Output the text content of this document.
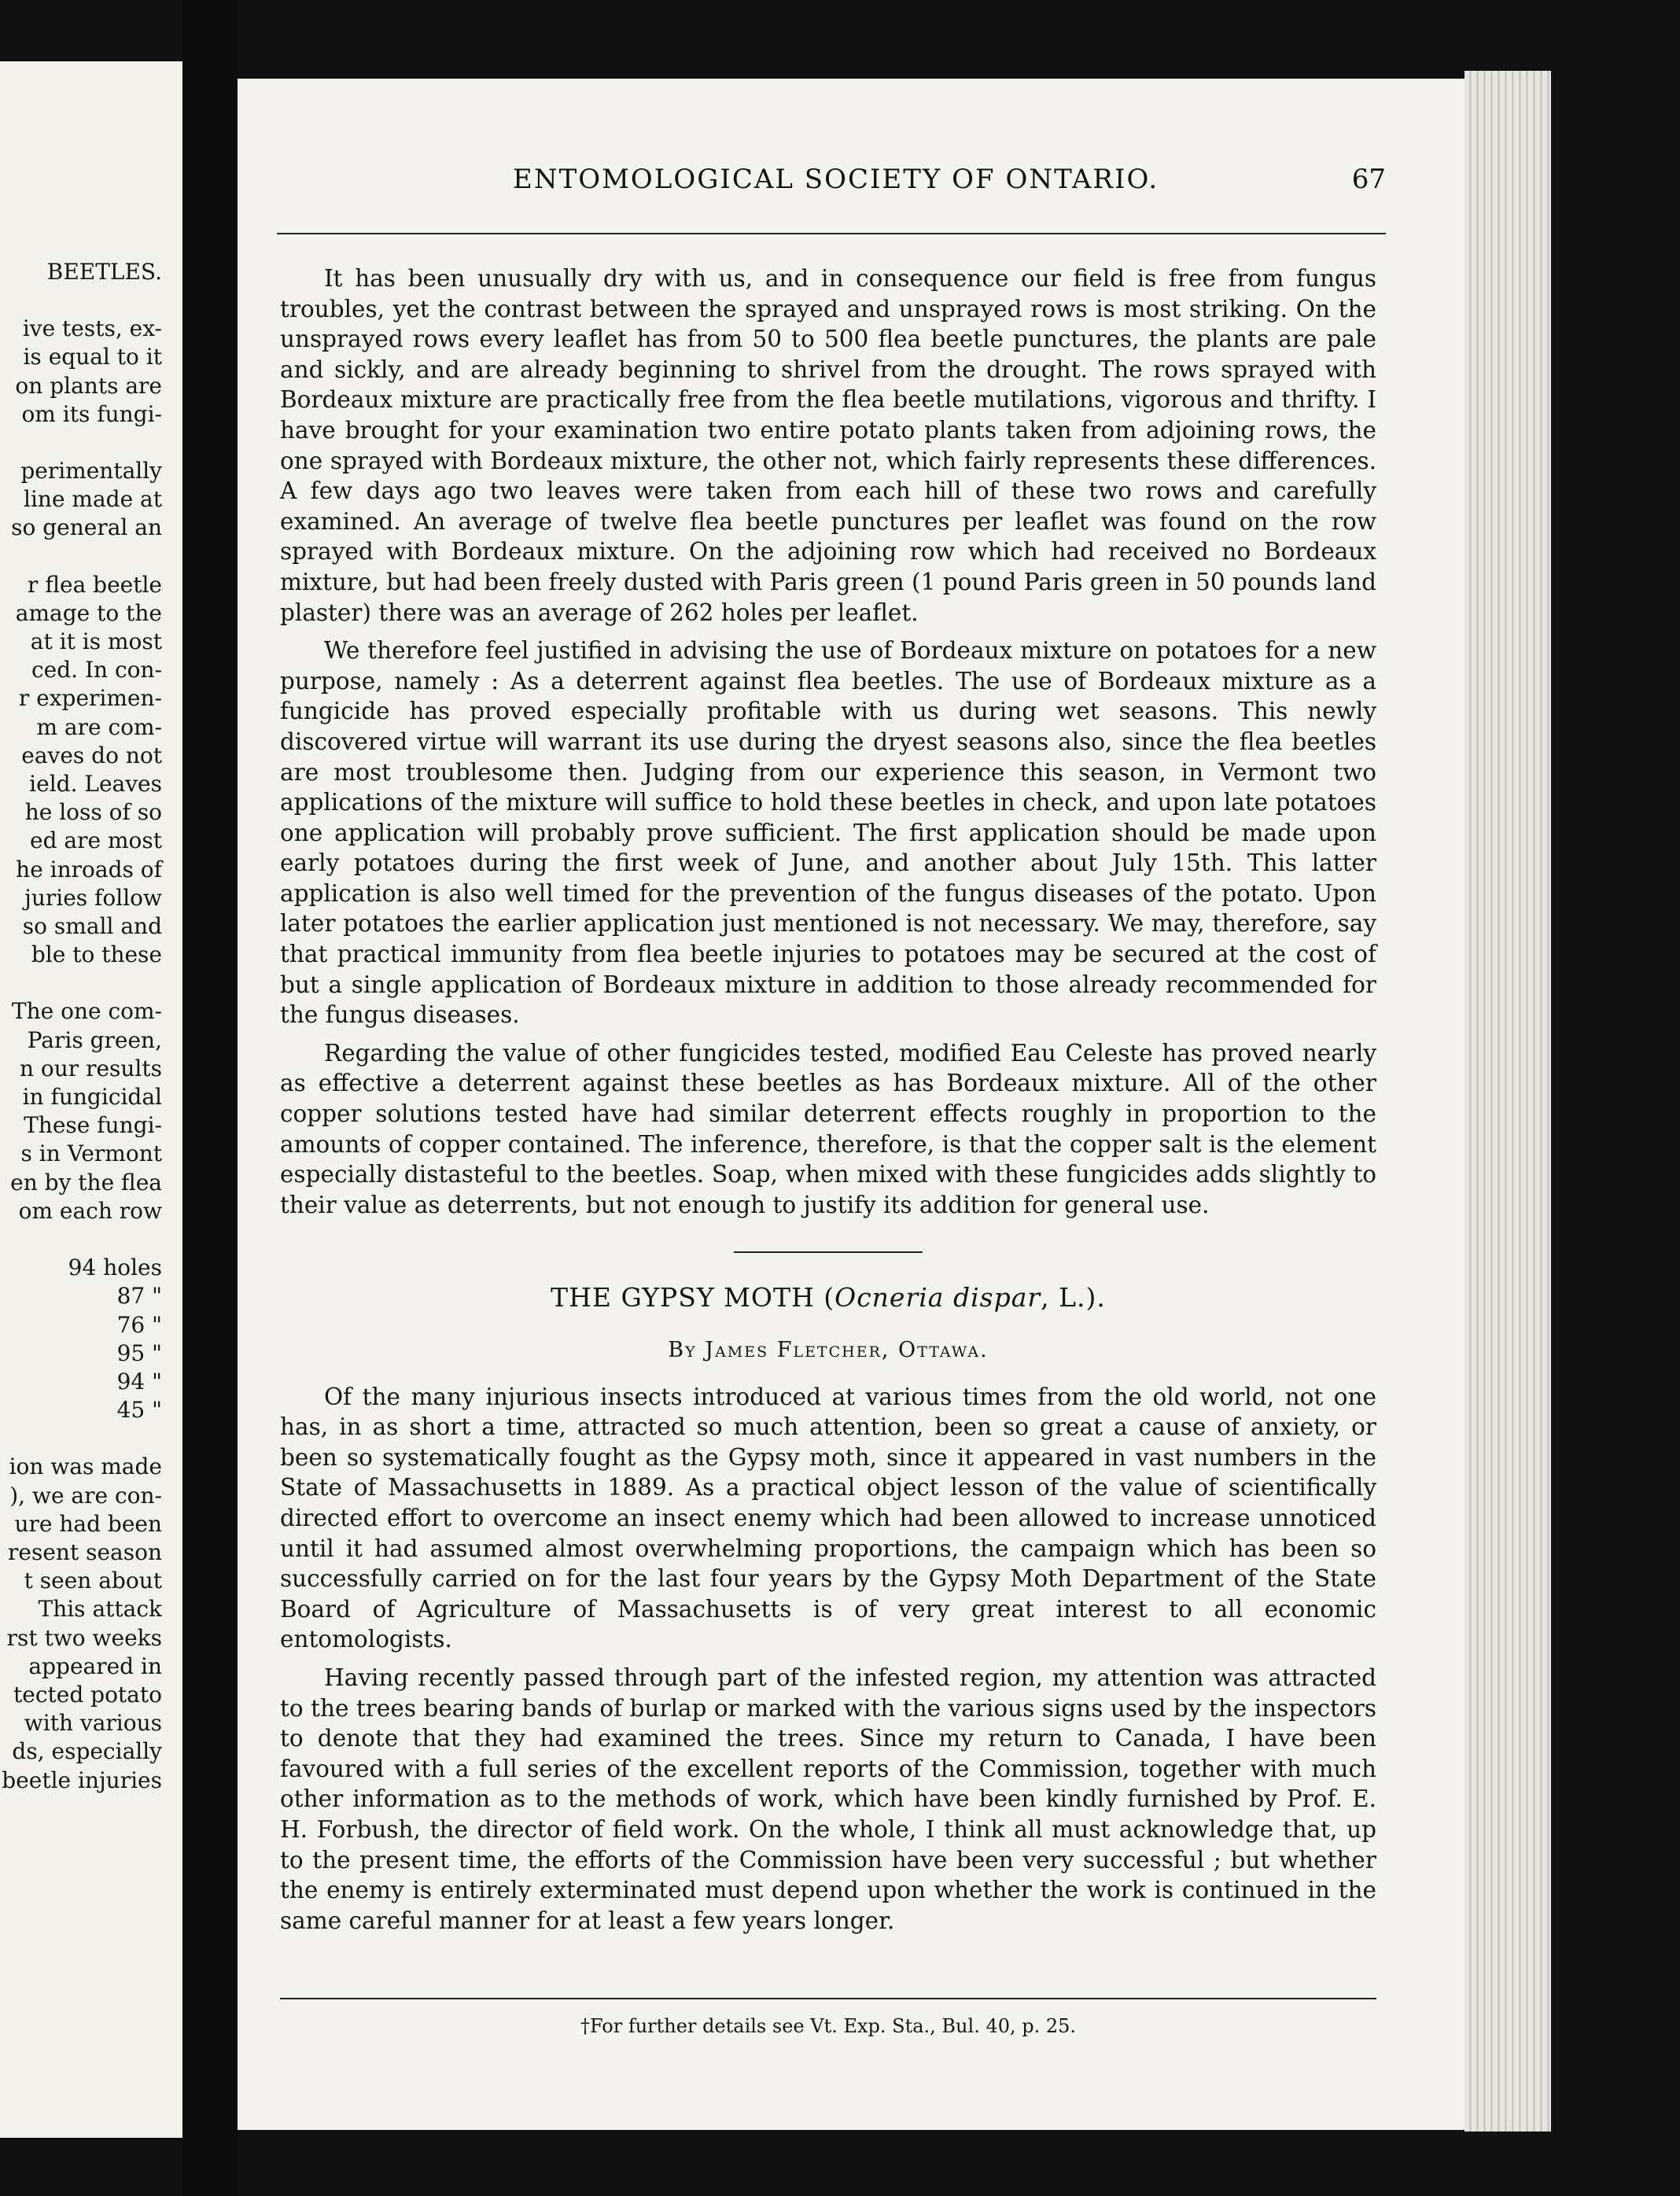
BEETLES.
ive tests, ex-
is equal to it
on plants are
om its fungi-
perimentally
line made at
so general an
r flea beetle
amage to the
at it is most
ced. In con-
r experimen-
m are com-
eaves do not
ield. Leaves
he loss of so
ed are most
he inroads of
juries follow
so small and
ble to these
The one com-
Paris green,
n our results
in fungicidal
These fungi-
s in Vermont
en by the flea
om each row
94 holes
87 "
76 "
95 "
94 "
45 "
ion was made
), we are con-
ure had been
resent season
t seen about
This attack
rst two weeks
appeared in
tected potato
with various
ds, especially
beetle injuries
ENTOMOLOGICAL SOCIETY OF ONTARIO.	67

It has been unusually dry with us, and in consequence our field is free from fungus troubles, yet the contrast between the sprayed and unsprayed rows is most striking. On the unsprayed rows every leaflet has from 50 to 500 flea beetle punctures, the plants are pale and sickly, and are already beginning to shrivel from the drought. The rows sprayed with Bordeaux mixture are practically free from the flea beetle mutilations, vigorous and thrifty. I have brought for your examination two entire potato plants taken from adjoining rows, the one sprayed with Bordeaux mixture, the other not, which fairly represents these differences. A few days ago two leaves were taken from each hill of these two rows and carefully examined. An average of twelve flea beetle punctures per leaflet was found on the row sprayed with Bordeaux mixture. On the adjoining row which had received no Bordeaux mixture, but had been freely dusted with Paris green (1 pound Paris green in 50 pounds land plaster) there was an average of 262 holes per leaflet.

We therefore feel justified in advising the use of Bordeaux mixture on potatoes for a new purpose, namely : As a deterrent against flea beetles. The use of Bordeaux mixture as a fungicide has proved especially profitable with us during wet seasons. This newly discovered virtue will warrant its use during the dryest seasons also, since the flea beetles are most troublesome then. Judging from our experience this season, in Vermont two applications of the mixture will suffice to hold these beetles in check, and upon late potatoes one application will probably prove sufficient. The first application should be made upon early potatoes during the first week of June, and another about July 15th. This latter application is also well timed for the prevention of the fungus diseases of the potato. Upon later potatoes the earlier application just mentioned is not necessary. We may, therefore, say that practical immunity from flea beetle injuries to potatoes may be secured at the cost of but a single application of Bordeaux mixture in addition to those already recommended for the fungus diseases.

Regarding the value of other fungicides tested, modified Eau Celeste has proved nearly as effective a deterrent against these beetles as has Bordeaux mixture. All of the other copper solutions tested have had similar deterrent effects roughly in proportion to the amounts of copper contained. The inference, therefore, is that the copper salt is the element especially distasteful to the beetles. Soap, when mixed with these fungicides adds slightly to their value as deterrents, but not enough to justify its addition for general use.

THE GYPSY MOTH (Ocneria dispar, L.).
By James Fletcher, Ottawa.

Of the many injurious insects introduced at various times from the old world, not one has, in as short a time, attracted so much attention, been so great a cause of anxiety, or been so systematically fought as the Gypsy moth, since it appeared in vast numbers in the State of Massachusetts in 1889. As a practical object lesson of the value of scientifically directed effort to overcome an insect enemy which had been allowed to increase unnoticed until it had assumed almost overwhelming proportions, the campaign which has been so successfully carried on for the last four years by the Gypsy Moth Department of the State Board of Agriculture of Massachusetts is of very great interest to all economic entomologists.

Having recently passed through part of the infested region, my attention was attracted to the trees bearing bands of burlap or marked with the various signs used by the inspectors to denote that they had examined the trees. Since my return to Canada, I have been favoured with a full series of the excellent reports of the Commission, together with much other information as to the methods of work, which have been kindly furnished by Prof. E. H. Forbush, the director of field work. On the whole, I think all must acknowledge that, up to the present time, the efforts of the Commission have been very successful ; but whether the enemy is entirely exterminated must depend upon whether the work is continued in the same careful manner for at least a few years longer.

†For further details see Vt. Exp. Sta., Bul. 40, p. 25.
